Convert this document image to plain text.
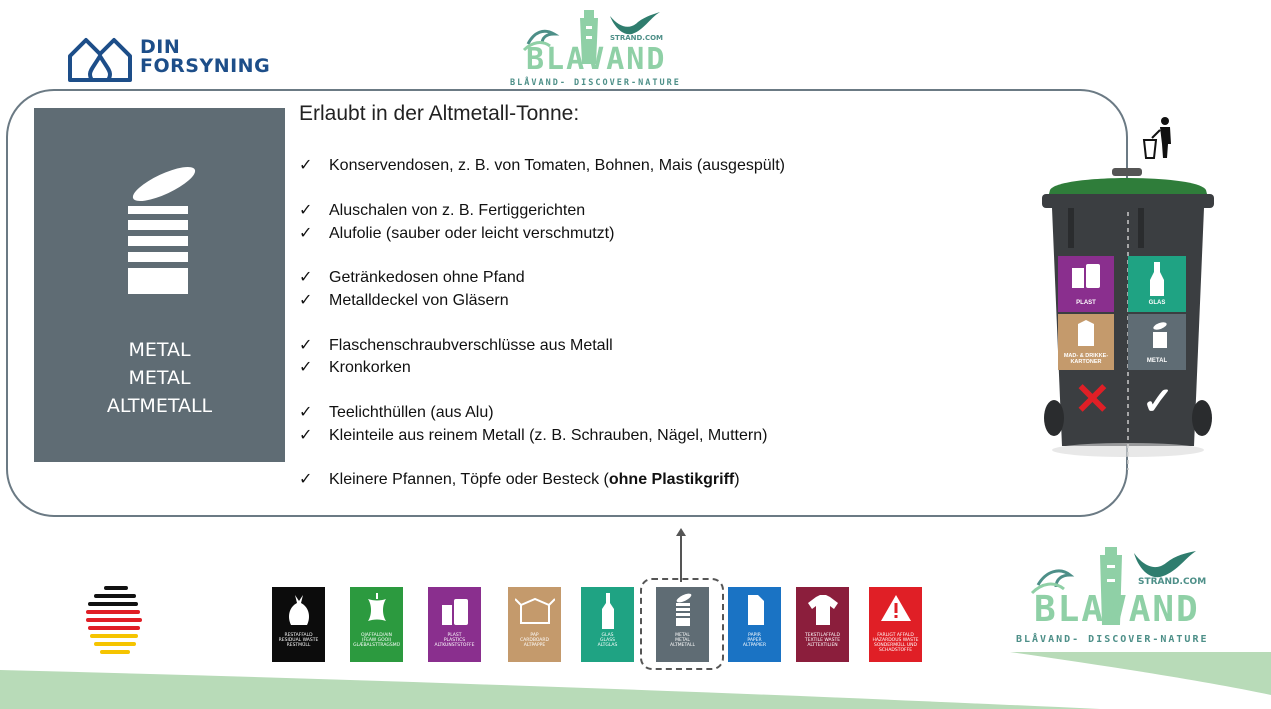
DIN
FORSYNING
STRAND.COM
BLAVAND
BLÅVAND- DISCOVER-NATURE
METAL
METAL
ALTMETALL
Erlaubt in der Altmetall-Tonne:
✓ Konservendosen, z. B. von Tomaten, Bohnen, Mais (ausgespült)
✓ Aluschalen von z. B. Fertiggerichten
✓ Alufolie (sauber oder leicht verschmutzt)
✓ Getränkedosen ohne Pfand
✓ Metalldeckel von Gläsern
✓ Flaschenschraubverschlüsse aus Metall
✓ Kronkorken
✓ Teelichthüllen (aus Alu)
✓ Kleinteile aus reinem Metall (z. B. Schrauben, Nägel, Muttern)
✓ Kleinere Pfannen, Töpfe oder Besteck (ohne Plastikgriff)
PLAST	GLAS
MAD- & DRIKKE-
KARTONER	METAL
✕ ✓
RESTAFFALD
RESIDUAL WASTE
RESTMÜLL
OJAFFALD/AIN
(FEAW GOOI)
GLÆBALSTTRAGSMÜ
PLAST
PLASTICS
ALTKUNSTSTOFFE
PAP
CARDBOARD
ALTPAPPE
GLAS
GLASS
ALTGLAS
METAL
METAL
ALTMETALL
PAPIR
PAPER
ALTPAPIER
TEKSTILAFFALD
TEXTILE WASTE
ALTTEXTILIEN
FARLIGT AFFALD
HAZARDOUS WASTE
SONDERMÜLL UND SCHADSTOFFE
STRAND.COM
BLAVAND
BLÅVAND- DISCOVER-NATURE
